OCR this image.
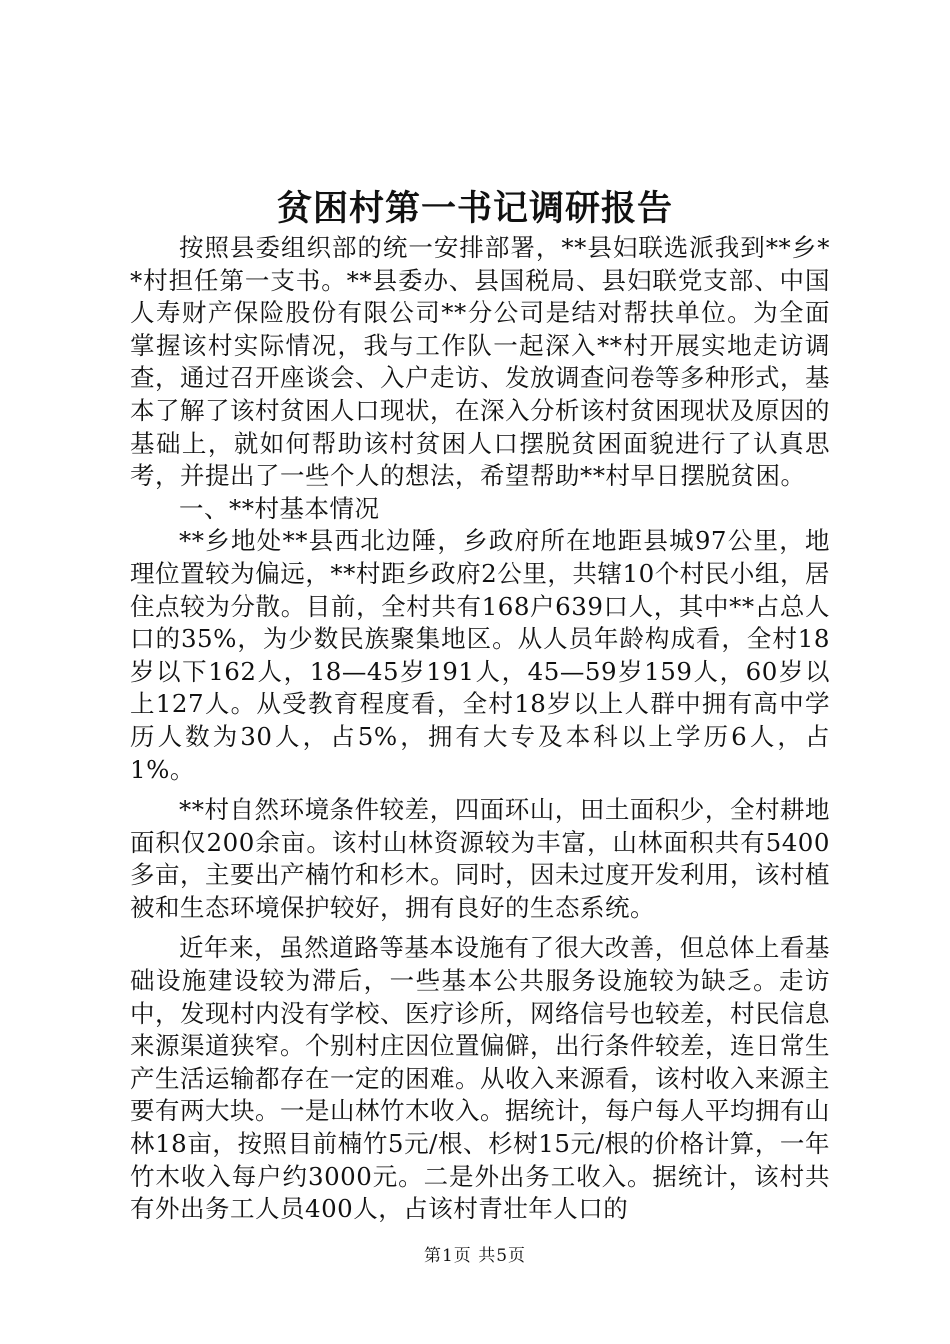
贫困村第一书记调研报告

按照县委组织部的统一安排部署，**县妇联选派我到**乡**村担任第一支书。**县委办、县国税局、县妇联党支部、中国人寿财产保险股份有限公司**分公司是结对帮扶单位。为全面掌握该村实际情况，我与工作队一起深入**村开展实地走访调查，通过召开座谈会、入户走访、发放调查问卷等多种形式，基本了解了该村贫困人口现状，在深入分析该村贫困现状及原因的基础上，就如何帮助该村贫困人口摆脱贫困面貌进行了认真思考，并提出了一些个人的想法，希望帮助**村早日摆脱贫困。

一、**村基本情况

**乡地处**县西北边陲，乡政府所在地距县城97公里，地理位置较为偏远，**村距乡政府2公里，共辖10个村民小组，居住点较为分散。目前，全村共有168户639口人，其中**占总人口的35%，为少数民族聚集地区。从人员年龄构成看，全村18岁以下162人，18—45岁191人，45—59岁159人，60岁以上127人。从受教育程度看，全村18岁以上人群中拥有高中学历人数为30人，占5%，拥有大专及本科以上学历6人，占1%。

**村自然环境条件较差，四面环山，田土面积少，全村耕地面积仅200余亩。该村山林资源较为丰富，山林面积共有5400多亩，主要出产楠竹和杉木。同时，因未过度开发利用，该村植被和生态环境保护较好，拥有良好的生态系统。

近年来，虽然道路等基本设施有了很大改善，但总体上看基础设施建设较为滞后，一些基本公共服务设施较为缺乏。走访中，发现村内没有学校、医疗诊所，网络信号也较差，村民信息来源渠道狭窄。个别村庄因位置偏僻，出行条件较差，连日常生产生活运输都存在一定的困难。从收入来源看，该村收入来源主要有两大块。一是山林竹木收入。据统计，每户每人平均拥有山林18亩，按照目前楠竹5元/根、杉树15元/根的价格计算，一年竹木收入每户约3000元。二是外出务工收入。据统计，该村共有外出务工人员400人，占该村青壮年人口的

第1页 共5页
